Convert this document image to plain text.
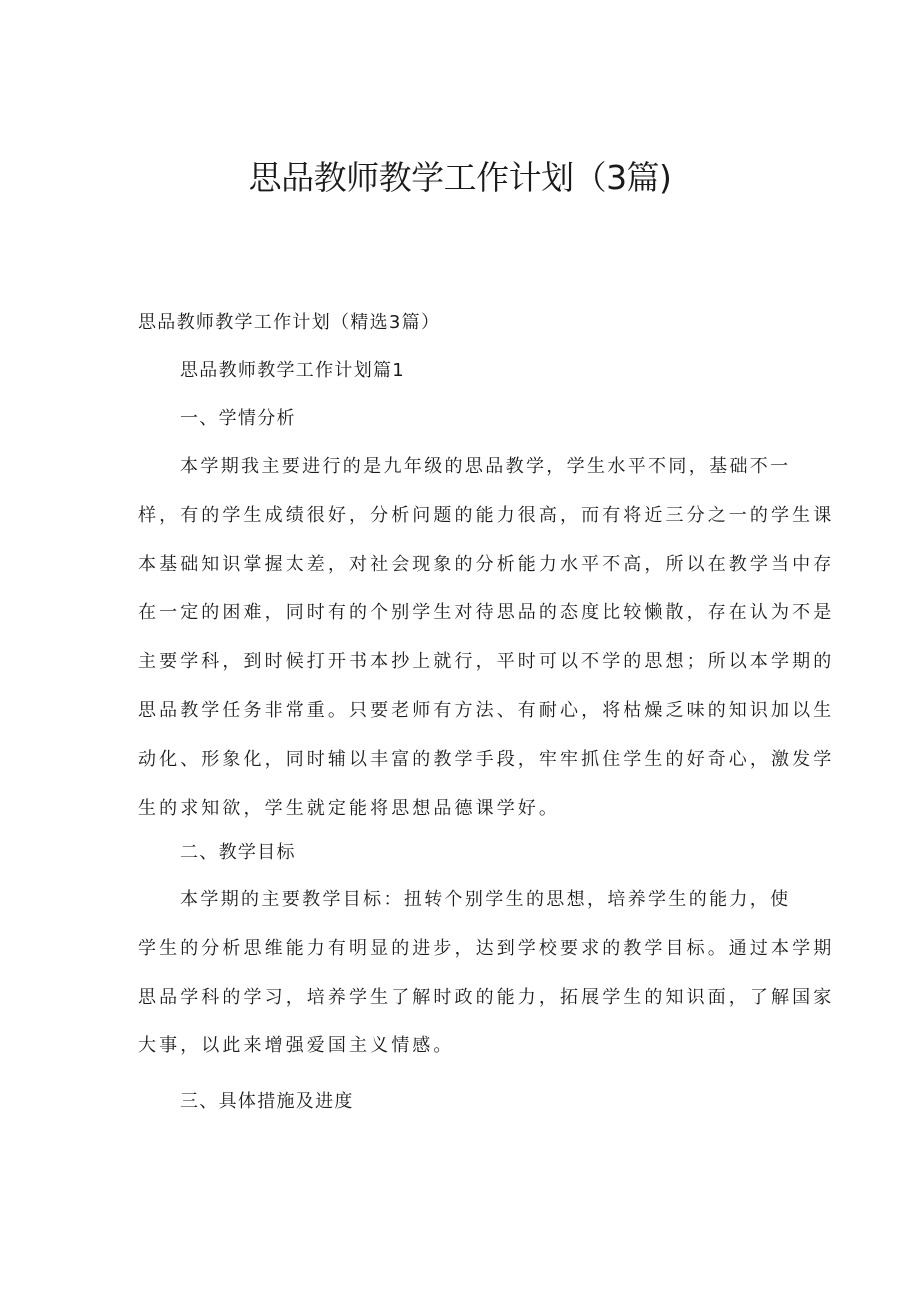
思品教师教学工作计划（3篇)

思品教师教学工作计划（精选3篇）

思品教师教学工作计划篇1

一、学情分析

本学期我主要进行的是九年级的思品教学，学生水平不同，基础不一
样，有的学生成绩很好，分析问题的能力很高，而有将近三分之一的学生课
本基础知识掌握太差，对社会现象的分析能力水平不高，所以在教学当中存
在一定的困难，同时有的个别学生对待思品的态度比较懒散，存在认为不是
主要学科，到时候打开书本抄上就行，平时可以不学的思想；所以本学期的
思品教学任务非常重。只要老师有方法、有耐心，将枯燥乏味的知识加以生
动化、形象化，同时辅以丰富的教学手段，牢牢抓住学生的好奇心，激发学
生的求知欲，学生就定能将思想品德课学好。

二、教学目标

本学期的主要教学目标：扭转个别学生的思想，培养学生的能力，使
学生的分析思维能力有明显的进步，达到学校要求的教学目标。通过本学期
思品学科的学习，培养学生了解时政的能力，拓展学生的知识面，了解国家
大事，以此来增强爱国主义情感。

三、具体措施及进度
